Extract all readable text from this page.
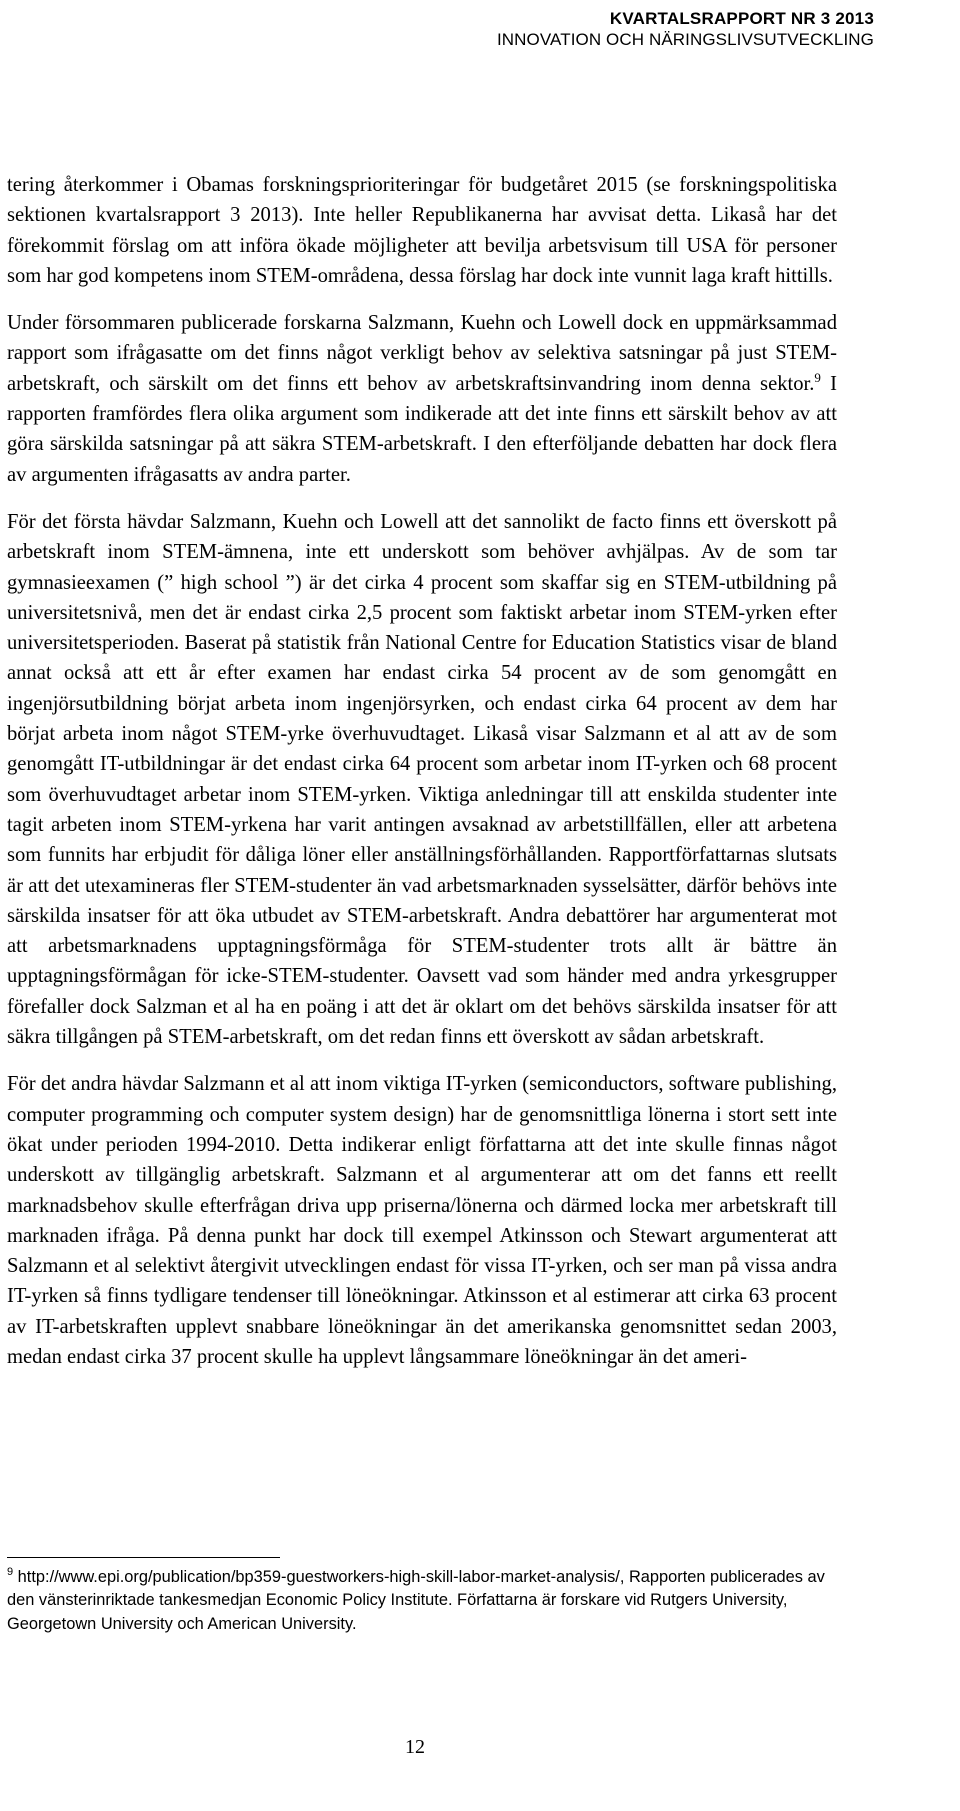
KVARTALSRAPPORT NR 3 2013
INNOVATION OCH NÄRINGSLIVSUTVECKLING

tering återkommer i Obamas forskningsprioriteringar för budgetåret 2015 (se forskningspolitiska sektionen kvartalsrapport 3 2013). Inte heller Republikanerna har avvisat detta. Likaså har det förekommit förslag om att införa ökade möjligheter att bevilja arbetsvisum till USA för personer som har god kompetens inom STEM-områdena, dessa förslag har dock inte vunnit laga kraft hittills.

Under försommaren publicerade forskarna Salzmann, Kuehn och Lowell dock en uppmärksammad rapport som ifrågasatte om det finns något verkligt behov av selektiva satsningar på just STEM-arbetskraft, och särskilt om det finns ett behov av arbetskraftsinvandring inom denna sektor.$^9$ I rapporten framfördes flera olika argument som indikerade att det inte finns ett särskilt behov av att göra särskilda satsningar på att säkra STEM-arbetskraft. I den efterföljande debatten har dock flera av argumenten ifrågasatts av andra parter.

För det första hävdar Salzmann, Kuehn och Lowell att det sannolikt de facto finns ett överskott på arbetskraft inom STEM-ämnena, inte ett underskott som behöver avhjälpas. Av de som tar gymnasieexamen (” high school ”) är det cirka 4 procent som skaffar sig en STEM-utbildning på universitetsnivå, men det är endast cirka 2,5 procent som faktiskt arbetar inom STEM-yrken efter universitetsperioden. Baserat på statistik från National Centre for Education Statistics visar de bland annat också att ett år efter examen har endast cirka 54 procent av de som genomgått en ingenjörsutbildning börjat arbeta inom ingenjörsyrken, och endast cirka 64 procent av dem har börjat arbeta inom något STEM-yrke överhuvudtaget. Likaså visar Salzmann et al att av de som genomgått IT-utbildningar är det endast cirka 64 procent som arbetar inom IT-yrken och 68 procent som överhuvudtaget arbetar inom STEM-yrken. Viktiga anledningar till att enskilda studenter inte tagit arbeten inom STEM-yrkena har varit antingen avsaknad av arbetstillfällen, eller att arbetena som funnits har erbjudit för dåliga löner eller anställningsförhållanden. Rapportförfattarnas slutsats är att det utexamineras fler STEM-studenter än vad arbetsmarknaden sysselsätter, därför behövs inte särskilda insatser för att öka utbudet av STEM-arbetskraft. Andra debattörer har argumenterat mot att arbetsmarknadens upptagningsförmåga för STEM-studenter trots allt är bättre än upptagningsförmågan för icke-STEM-studenter. Oavsett vad som händer med andra yrkesgrupper förefaller dock Salzman et al ha en poäng i att det är oklart om det behövs särskilda insatser för att säkra tillgången på STEM-arbetskraft, om det redan finns ett överskott av sådan arbetskraft.

För det andra hävdar Salzmann et al att inom viktiga IT-yrken (semiconductors, software publishing, computer programming och computer system design) har de genomsnittliga lönerna i stort sett inte ökat under perioden 1994-2010. Detta indikerar enligt författarna att det inte skulle finnas något underskott av tillgänglig arbetskraft. Salzmann et al argumenterar att om det fanns ett reellt marknadsbehov skulle efterfrågan driva upp priserna/lönerna och därmed locka mer arbetskraft till marknaden ifråga. På denna punkt har dock till exempel Atkinsson och Stewart argumenterat att Salzmann et al selektivt återgivit utvecklingen endast för vissa IT-yrken, och ser man på vissa andra IT-yrken så finns tydligare tendenser till löneökningar. Atkinsson et al estimerar att cirka 63 procent av IT-arbetskraften upplevt snabbare löneökningar än det amerikanska genomsnittet sedan 2003, medan endast cirka 37 procent skulle ha upplevt långsammare löneökningar än det ameri-

$^9$ http://www.epi.org/publication/bp359-guestworkers-high-skill-labor-market-analysis/, Rapporten publicerades av den vänsterinriktade tankesmedjan Economic Policy Institute. Författarna är forskare vid Rutgers University, Georgetown University och American University.
12
